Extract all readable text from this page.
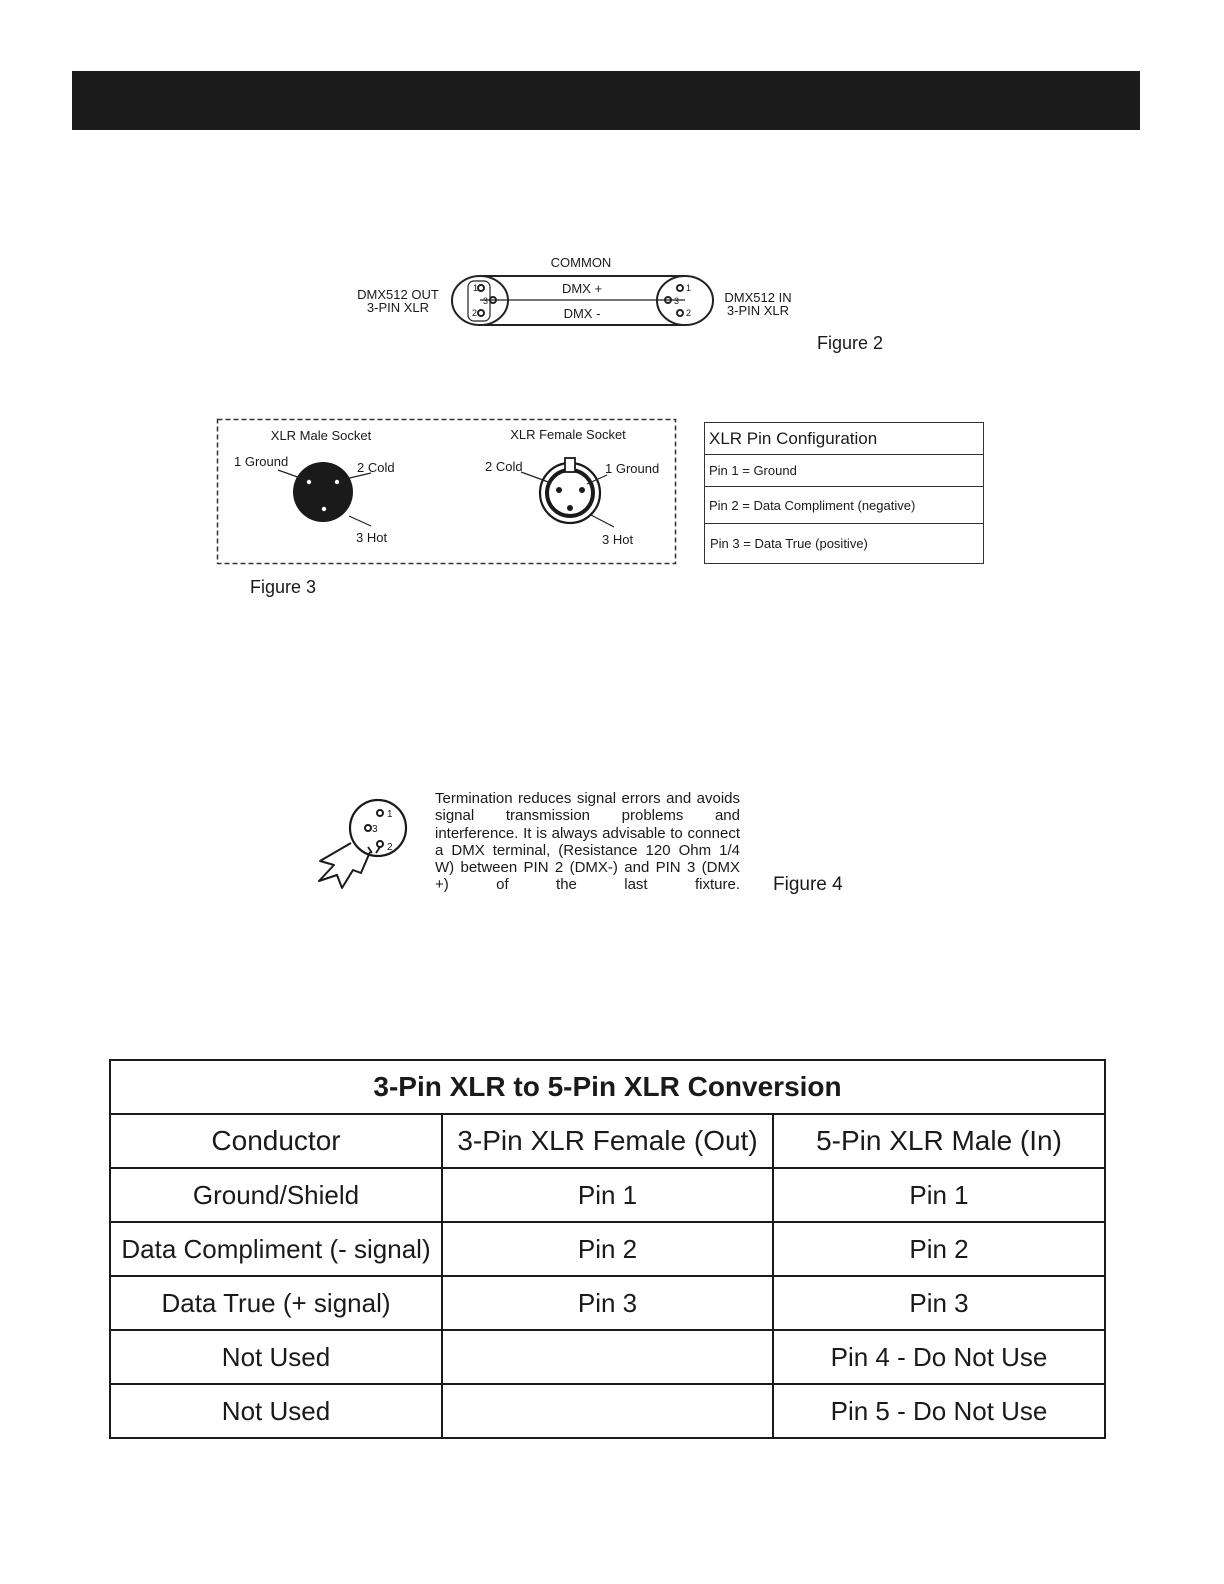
COMMON
DMX +
DMX -
1
3
2
1
3
2
DMX512 OUT
3-PIN XLR
DMX512 IN
3-PIN XLR
Figure 2
XLR Male Socket	XLR Female Socket
1 Ground	2 Cold
3 Hot
2 Cold	1 Ground
3 Hot
Figure 3
XLR Pin Configuration
Pin 1 = Ground
Pin 2 = Data Compliment (negative)
Pin 3 = Data True (positive)
1
3
2
Termination reduces signal errors and avoids signal transmission problems and interference. It is always advisable to connect a DMX terminal, (Resistance 120 Ohm 1/4 W) between PIN 2 (DMX-) and PIN 3 (DMX +) of the last fixture. Figure 4
3-Pin XLR to 5-Pin XLR Conversion		
Conductor	3-Pin XLR Female (Out)	5-Pin XLR Male (In)
Ground/Shield	Pin 1	Pin 1
Data Compliment (- signal)	Pin 2	Pin 2
Data True (+ signal)	Pin 3	Pin 3
Not Used		Pin 4 - Do Not Use
Not Used		Pin 5 - Do Not Use
